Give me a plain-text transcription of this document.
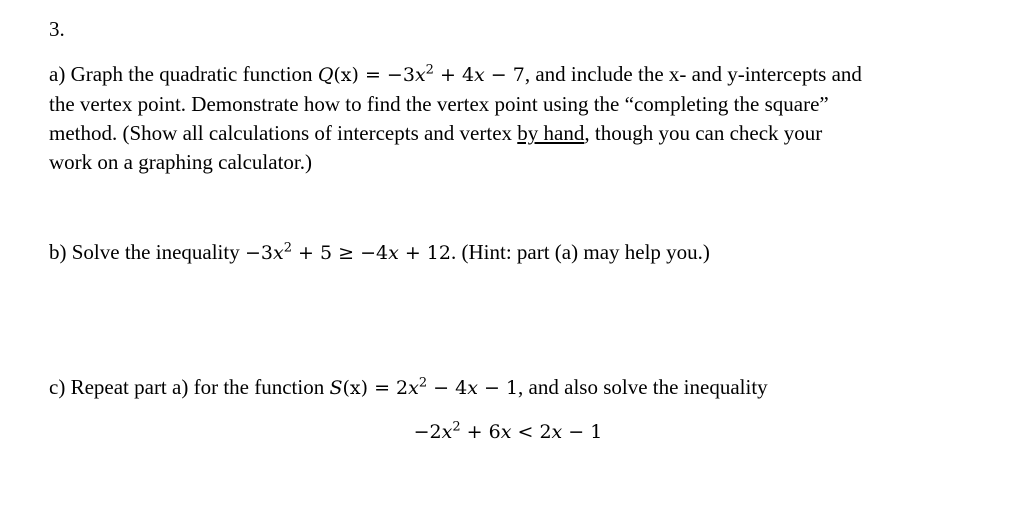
3.
a) Graph the quadratic function $Q(x) = -3x^2 + 4x - 7$, and include the x- and y-intercepts and
the vertex point. Demonstrate how to find the vertex point using the “completing the square”
method. (Show all calculations of intercepts and vertex by hand, though you can check your
work on a graphing calculator.)
b) Solve the inequality $-3x^2 + 5 \ge -4x + 12$. (Hint: part (a) may help you.)
c) Repeat part a) for the function $S(x) = 2x^2 - 4x - 1$, and also solve the inequality
$-2x^2 + 6x < 2x - 1$
